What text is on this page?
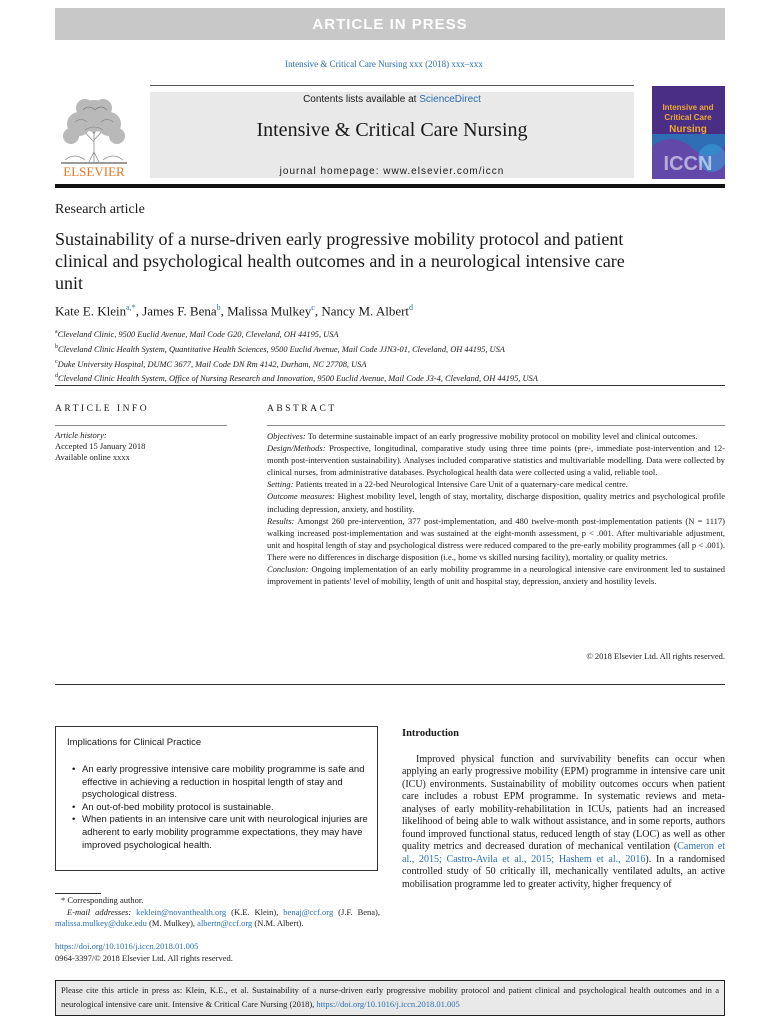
ARTICLE IN PRESS
Intensive & Critical Care Nursing xxx (2018) xxx–xxx
Contents lists available at ScienceDirect
Intensive & Critical Care Nursing
journal homepage: www.elsevier.com/iccn
ELSEVIER
Intensive and
Critical Care
Nursing
ICCN
Research article
Sustainability of a nurse-driven early progressive mobility protocol and patient clinical and psychological health outcomes and in a neurological intensive care unit
Kate E. Klein$^{a,*}$, James F. Bena$^b$, Malissa Mulkey$^c$, Nancy M. Albert$^d$
$^a$Cleveland Clinic, 9500 Euclid Avenue, Mail Code G20, Cleveland, OH 44195, USA
$^b$Cleveland Clinic Health System, Quantitative Health Sciences, 9500 Euclid Avenue, Mail Code JJN3-01, Cleveland, OH 44195, USA
$^c$Duke University Hospital, DUMC 3677, Mail Code DN Rm 4142, Durham, NC 27708, USA
$^d$Cleveland Clinic Health System, Office of Nursing Research and Innovation, 9500 Euclid Avenue, Mail Code J3-4, Cleveland, OH 44195, USA
ARTICLE INFO	ABSTRACT
Article history:
Accepted 15 January 2018
Available online xxxx

Objectives: To determine sustainable impact of an early progressive mobility protocol on mobility level and clinical outcomes.

Design/Methods: Prospective, longitudinal, comparative study using three time points (pre-, immediate post-intervention and 12-month post-intervention sustainability). Analyses included comparative statistics and multivariable modelling. Data were collected by clinical nurses, from administrative databases. Psychological health data were collected using a valid, reliable tool.

Setting: Patients treated in a 22-bed Neurological Intensive Care Unit of a quaternary-care medical centre.

Outcome measures: Highest mobility level, length of stay, mortality, discharge disposition, quality metrics and psychological profile including depression, anxiety, and hostility.

Results: Amongst 260 pre-intervention, 377 post-implementation, and 480 twelve-month post-implementation patients (N = 1117) walking increased post-implementation and was sustained at the eight-month assessment, p < .001. After multivariable adjustment, unit and hospital length of stay and psychological distress were reduced compared to the pre-early mobility programmes (all p < .001). There were no differences in discharge disposition (i.e., home vs skilled nursing facility), mortality or quality metrics.

Conclusion: Ongoing implementation of an early mobility programme in a neurological intensive care environment led to sustained improvement in patients' level of mobility, length of unit and hospital stay, depression, anxiety and hostility levels.

© 2018 Elsevier Ltd. All rights reserved.
Implications for Clinical Practice
• An early progressive intensive care mobility programme is safe and effective in achieving a reduction in hospital length of stay and psychological distress.
• An out-of-bed mobility protocol is sustainable.
• When patients in an intensive care unit with neurological injuries are adherent to early mobility programme expectations, they may have improved psychological health.
* Corresponding author.
E-mail addresses: keklein@novanthealth.org (K.E. Klein), benaj@ccf.org (J.F. Bena), malissa.mulkey@duke.edu (M. Mulkey), albertn@ccf.org (N.M. Albert).
https://doi.org/10.1016/j.iccn.2018.01.005
0964-3397/© 2018 Elsevier Ltd. All rights reserved.
Introduction
Improved physical function and survivability benefits can occur when applying an early progressive mobility (EPM) programme in intensive care unit (ICU) environments. Sustainability of mobility outcomes occurs when patient care includes a robust EPM programme. In systematic reviews and meta-analyses of early mobility-rehabilitation in ICUs, patients had an increased likelihood of being able to walk without assistance, and in some reports, authors found improved functional status, reduced length of stay (LOC) as well as other quality metrics and decreased duration of mechanical ventilation (Cameron et al., 2015; Castro-Avila et al., 2015; Hashem et al., 2016). In a randomised controlled study of 50 critically ill, mechanically ventilated adults, an active mobilisation programme led to greater activity, higher frequency of
Please cite this article in press as: Klein, K.E., et al. Sustainability of a nurse-driven early progressive mobility protocol and patient clinical and psychological health outcomes and in a neurological intensive care unit. Intensive & Critical Care Nursing (2018), https://doi.org/10.1016/j.iccn.2018.01.005
